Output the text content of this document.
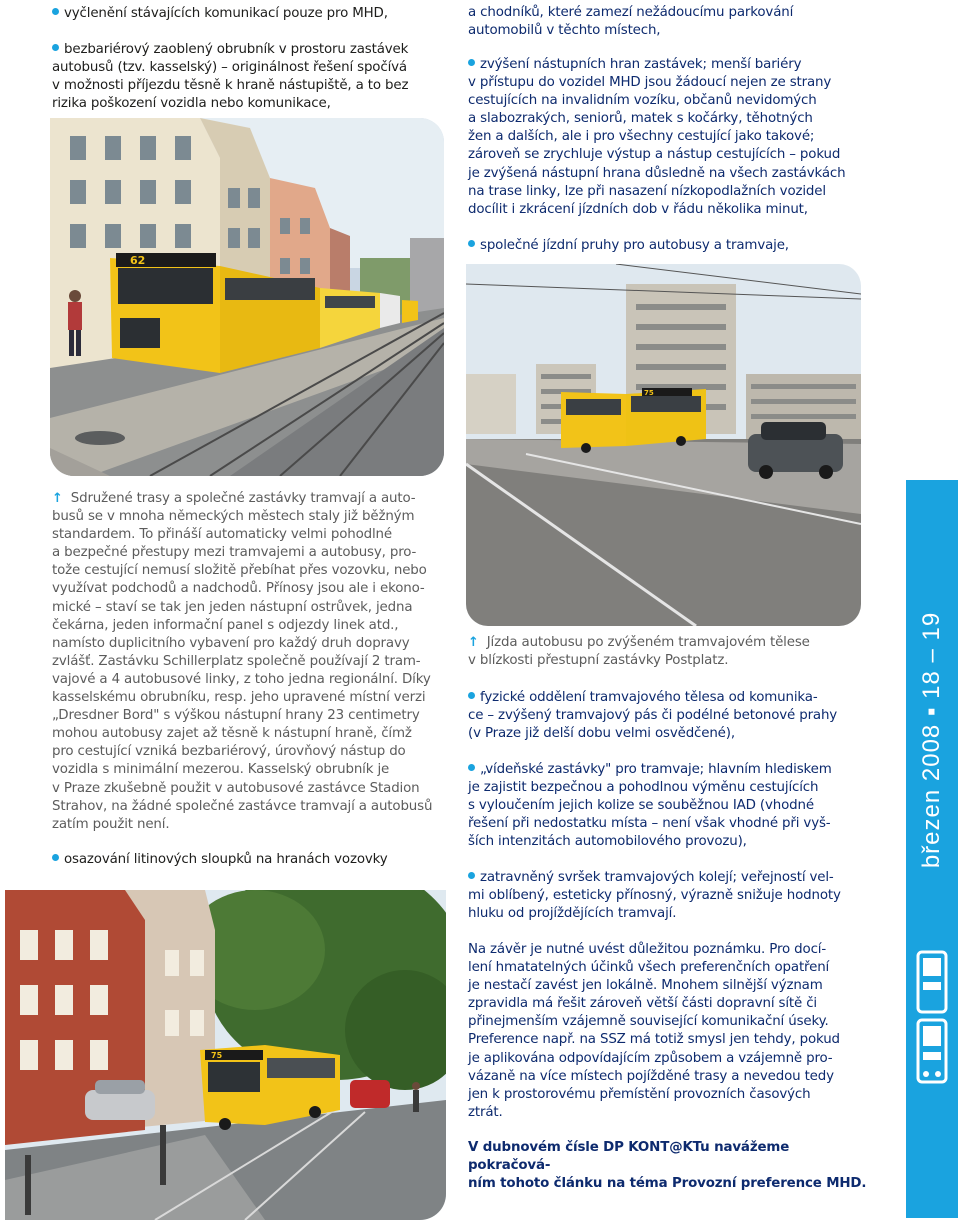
vyčlenění stávajících komunikací pouze pro MHD,
bezbariérový zaoblený obrubník v prostoru zastávek
autobusů (tzv. kasselský) – originálnost řešení spočívá
v možnosti příjezdu těsně k hraně nástupiště, a to bez
rizika poškození vozidla nebo komunikace,
62
↑ Sdružené trasy a společné zastávky tramvají a auto-
busů se v mnoha německých městech staly již běžným
standardem. To přináší automaticky velmi pohodlné
a bezpečné přestupy mezi tramvajemi a autobusy, pro-
tože cestující nemusí složitě přebíhat přes vozovku, nebo
využívat podchodů a nadchodů. Přínosy jsou ale i ekono-
mické – staví se tak jen jeden nástupní ostrůvek, jedna
čekárna, jeden informační panel s odjezdy linek atd.,
namísto duplicitního vybavení pro každý druh dopravy
zvlášť. Zastávku Schillerplatz společně používají 2 tram-
vajové a 4 autobusové linky, z toho jedna regionální. Díky
kasselskému obrubníku, resp. jeho upravené místní verzi
„Dresdner Bord" s výškou nástupní hrany 23 centimetry
mohou autobusy zajet až těsně k nástupní hraně, čímž
pro cestující vzniká bezbariérový, úrovňový nástup do
vozidla s minimální mezerou. Kasselský obrubník je
v Praze zkušebně použit v autobusové zastávce Stadion
Strahov, na žádné společné zastávce tramvají a autobusů
zatím použit není.
osazování litinových sloupků na hranách vozovky
75
a chodníků, které zamezí nežádoucímu parkování
automobilů v těchto místech,
zvýšení nástupních hran zastávek; menší bariéry
v přístupu do vozidel MHD jsou žádoucí nejen ze strany
cestujících na invalidním vozíku, občanů nevidomých
a slabozrakých, seniorů, matek s kočárky, těhotných
žen a dalších, ale i pro všechny cestující jako takové;
zároveň se zrychluje výstup a nástup cestujících – pokud
je zvýšená nástupní hrana důsledně na všech zastávkách
na trase linky, lze při nasazení nízkopodlažních vozidel
docílit i zkrácení jízdních dob v řádu několika minut,
společné jízdní pruhy pro autobusy a tramvaje,
75
↑ Jízda autobusu po zvýšeném tramvajovém tělese
v blízkosti přestupní zastávky Postplatz.
fyzické oddělení tramvajového tělesa od komunika-
ce – zvýšený tramvajový pás či podélné betonové prahy
(v Praze již delší dobu velmi osvědčené),
„vídeňské zastávky" pro tramvaje; hlavním hlediskem
je zajistit bezpečnou a pohodlnou výměnu cestujících
s vyloučením jejich kolize se souběžnou IAD (vhodné
řešení při nedostatku místa – není však vhodné při vyš-
ších intenzitách automobilového provozu),
zatravněný svršek tramvajových kolejí; veřejností vel-
mi oblíbený, esteticky přínosný, výrazně snižuje hodnoty
hluku od projíždějících tramvají.
Na závěr je nutné uvést důležitou poznámku. Pro docí-
lení hmatatelných účinků všech preferenčních opatření
je nestačí zavést jen lokálně. Mnohem silnější význam
zpravidla má řešit zároveň větší části dopravní sítě či
přinejmenším vzájemně související komunikační úseky.
Preference např. na SSZ má totiž smysl jen tehdy, pokud
je aplikována odpovídajícím způsobem a vzájemně pro-
vázaně na více místech pojížděné trasy a nevedou tedy
jen k prostorovému přemístění provozních časových
ztrát.
V dubnovém čísle DP KONT@KTu navážeme pokračová-
ním tohoto článku na téma Provozní preference MHD.
březen 2008 ▪ 18 – 19
